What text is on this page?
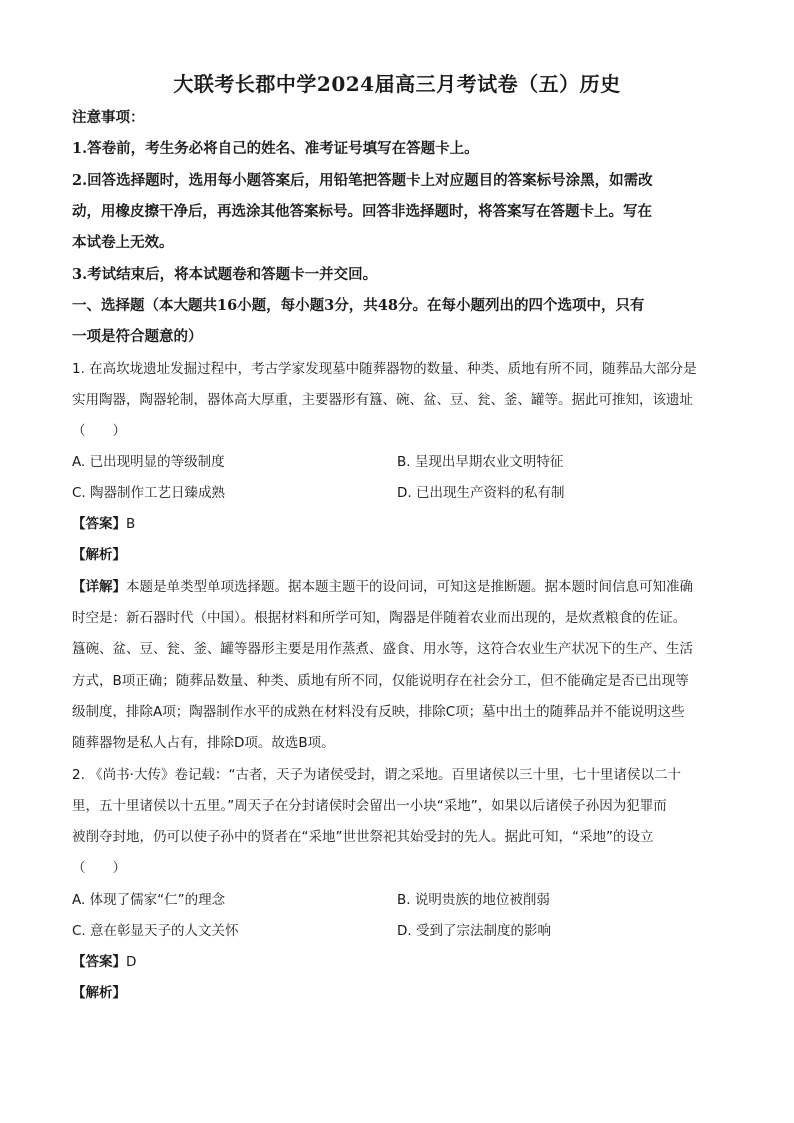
大联考长郡中学2024届高三月考试卷（五）历史
注意事项：
1.答卷前，考生务必将自己的姓名、准考证号填写在答题卡上。
2.回答选择题时，选用每小题答案后，用铅笔把答题卡上对应题目的答案标号涂黑，如需改
动，用橡皮擦干净后，再选涂其他答案标号。回答非选择题时，将答案写在答题卡上。写在
本试卷上无效。
3.考试结束后，将本试题卷和答题卡一并交回。
一、选择题（本大题共16小题，每小题3分，共48分。在每小题列出的四个选项中，只有
一项是符合题意的）
1. 在高坎垅遗址发掘过程中，考古学家发现墓中随葬器物的数量、种类、质地有所不同，随葬品大部分是
实用陶器，陶器轮制，器体高大厚重，主要器形有簋、碗、盆、豆、瓮、釜、罐等。据此可推知，该遗址
（　　）
A. 已出现明显的等级制度	B. 呈现出早期农业文明特征
C. 陶器制作工艺日臻成熟	D. 已出现生产资料的私有制
【答案】B
【解析】
【详解】本题是单类型单项选择题。据本题主题干的设问词，可知这是推断题。据本题时间信息可知准确
时空是：新石器时代（中国）。根据材料和所学可知，陶器是伴随着农业而出现的，是炊煮粮食的佐证。
簋碗、盆、豆、瓮、釜、罐等器形主要是用作蒸煮、盛食、用水等，这符合农业生产状况下的生产、生活
方式，B项正确；随葬品数量、种类、质地有所不同，仅能说明存在社会分工，但不能确定是否已出现等
级制度，排除A项；陶器制作水平的成熟在材料没有反映，排除C项；墓中出土的随葬品并不能说明这些
随葬器物是私人占有，排除D项。故选B项。
2. 《尚书·大传》卷记载：“古者，天子为诸侯受封，谓之采地。百里诸侯以三十里，七十里诸侯以二十
里，五十里诸侯以十五里。”周天子在分封诸侯时会留出一小块“采地”，如果以后诸侯子孙因为犯罪而
被削夺封地，仍可以使子孙中的贤者在“采地”世世祭祀其始受封的先人。据此可知，“采地”的设立
（　　）
A. 体现了儒家“仁”的理念	B. 说明贵族的地位被削弱
C. 意在彰显天子的人文关怀	D. 受到了宗法制度的影响
【答案】D
【解析】
